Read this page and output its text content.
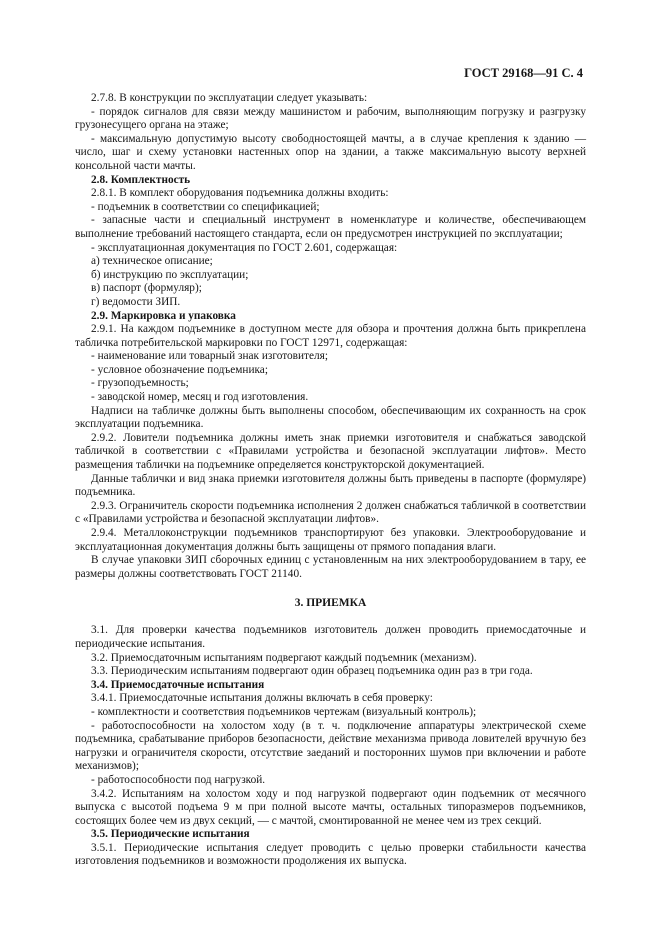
ГОСТ 29168—91 С. 4

2.7.8. В конструкции по эксплуатации следует указывать:

- порядок сигналов для связи между машинистом и рабочим, выполняющим погрузку и разгрузку грузонесущего органа на этаже;

- максимальную допустимую высоту свободностоящей мачты, а в случае крепления к зданию — число, шаг и схему установки настенных опор на здании, а также максимальную высоту верхней консольной части мачты.

2.8. Комплектность

2.8.1. В комплект оборудования подъемника должны входить:

- подъемник в соответствии со спецификацией;

- запасные части и специальный инструмент в номенклатуре и количестве, обеспечивающем выполнение требований настоящего стандарта, если он предусмотрен инструкцией по эксплуатации;

- эксплуатационная документация по ГОСТ 2.601, содержащая:

а) техническое описание;

б) инструкцию по эксплуатации;

в) паспорт (формуляр);

г) ведомости ЗИП.

2.9. Маркировка и упаковка

2.9.1. На каждом подъемнике в доступном месте для обзора и прочтения должна быть прикреплена табличка потребительской маркировки по ГОСТ 12971, содержащая:

- наименование или товарный знак изготовителя;

- условное обозначение подъемника;

- грузоподъемность;

- заводской номер, месяц и год изготовления.

Надписи на табличке должны быть выполнены способом, обеспечивающим их сохранность на срок эксплуатации подъемника.

2.9.2. Ловители подъемника должны иметь знак приемки изготовителя и снабжаться заводской табличкой в соответствии с «Правилами устройства и безопасной эксплуатации лифтов». Место размещения таблички на подъемнике определяется конструкторской документацией.

Данные таблички и вид знака приемки изготовителя должны быть приведены в паспорте (формуляре) подъемника.

2.9.3. Ограничитель скорости подъемника исполнения 2 должен снабжаться табличкой в соответствии с «Правилами устройства и безопасной эксплуатации лифтов».

2.9.4. Металлоконструкции подъемников транспортируют без упаковки. Электрооборудование и эксплуатационная документация должны быть защищены от прямого попадания влаги.

В случае упаковки ЗИП сборочных единиц с установленным на них электрооборудованием в тару, ее размеры должны соответствовать ГОСТ 21140.

3. ПРИЕМКА

3.1. Для проверки качества подъемников изготовитель должен проводить приемосдаточные и периодические испытания.

3.2. Приемосдаточным испытаниям подвергают каждый подъемник (механизм).

3.3. Периодическим испытаниям подвергают один образец подъемника один раз в три года.

3.4. Приемосдаточные испытания

3.4.1. Приемосдаточные испытания должны включать в себя проверку:

- комплектности и соответствия подъемников чертежам (визуальный контроль);

- работоспособности на холостом ходу (в т. ч. подключение аппаратуры электрической схеме подъемника, срабатывание приборов безопасности, действие механизма привода ловителей вручную без нагрузки и ограничителя скорости, отсутствие заеданий и посторонних шумов при включении и работе механизмов);

- работоспособности под нагрузкой.

3.4.2. Испытаниям на холостом ходу и под нагрузкой подвергают один подъемник от месячного выпуска с высотой подъема 9 м при полной высоте мачты, остальных типоразмеров подъемников, состоящих более чем из двух секций, — с мачтой, смонтированной не менее чем из трех секций.

3.5. Периодические испытания

3.5.1. Периодические испытания следует проводить с целью проверки стабильности качества изготовления подъемников и возможности продолжения их выпуска.
